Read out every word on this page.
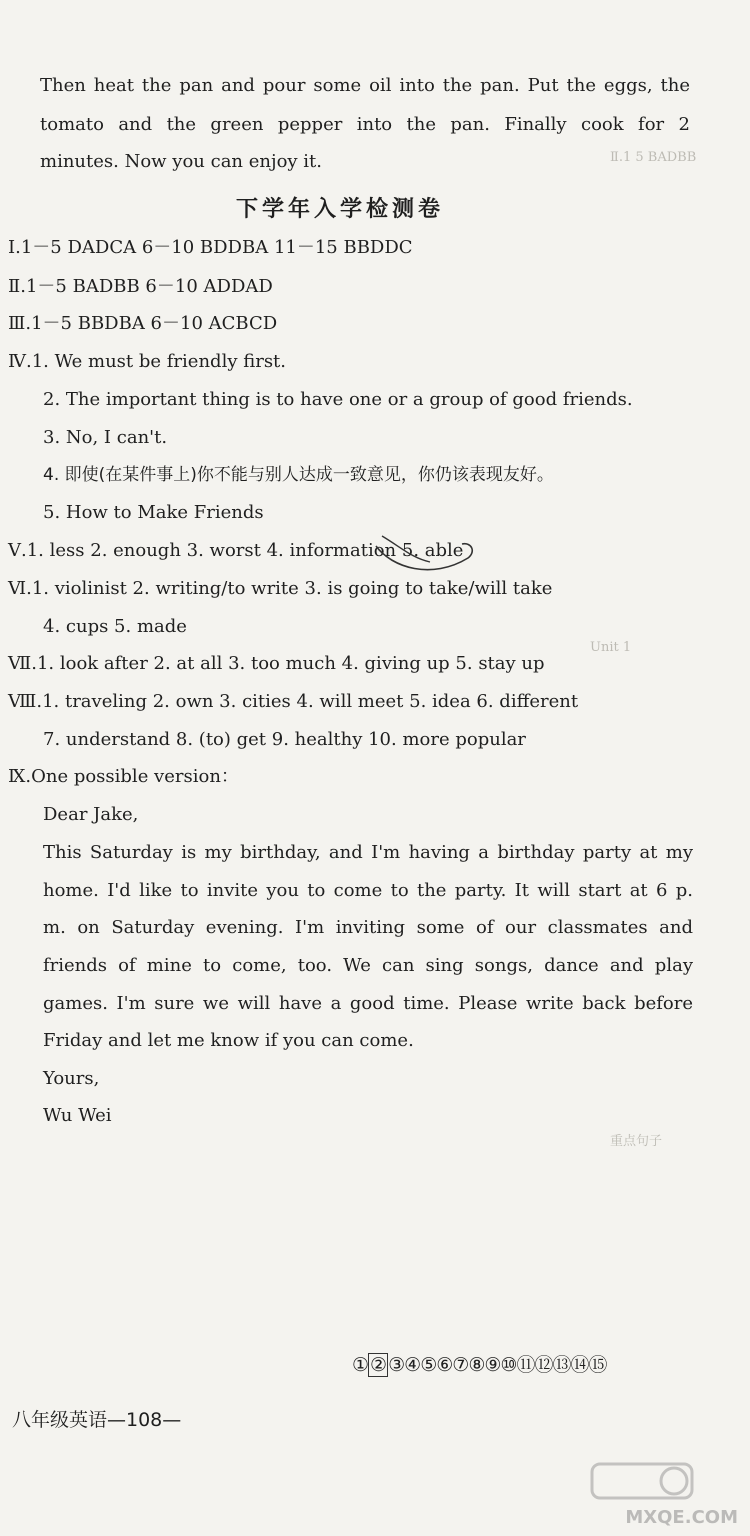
Ⅱ.1 5 BADBB
Unit 1
重点句子
Then heat the pan and pour some oil into the pan. Put the eggs, the
tomato and the green pepper into the pan. Finally cook for 2
minutes. Now you can enjoy it.
下学年入学检测卷
Ⅰ.1－5 DADCA 6－10 BDDBA 11－15 BBDDC
Ⅱ.1－5 BADBB 6－10 ADDAD
Ⅲ.1－5 BBDBA 6－10 ACBCD
Ⅳ.1. We must be friendly first.
2. The important thing is to have one or a group of good friends.
3. No, I can't.
4. 即使(在某件事上)你不能与别人达成一致意见，你仍该表现友好。
5. How to Make Friends
Ⅴ.1. less 2. enough 3. worst 4. information 5. able
Ⅵ.1. violinist 2. writing/to write 3. is going to take/will take
4. cups 5. made
Ⅶ.1. look after 2. at all 3. too much 4. giving up 5. stay up
Ⅷ.1. traveling 2. own 3. cities 4. will meet 5. idea 6. different
7. understand 8. (to) get 9. healthy 10. more popular
Ⅸ.One possible version：
Dear Jake,
This Saturday is my birthday, and I'm having a birthday party at my
home. I'd like to invite you to come to the party. It will start at 6 p.
m. on Saturday evening. I'm inviting some of our classmates and
friends of mine to come, too. We can sing songs, dance and play
games. I'm sure we will have a good time. Please write back before
Friday and let me know if you can come.
Yours,
Wu Wei
① ② ③④⑤⑥⑦⑧⑨⑩⑪⑫⑬⑭⑮
八年级英语—108—
MXQE.COM
